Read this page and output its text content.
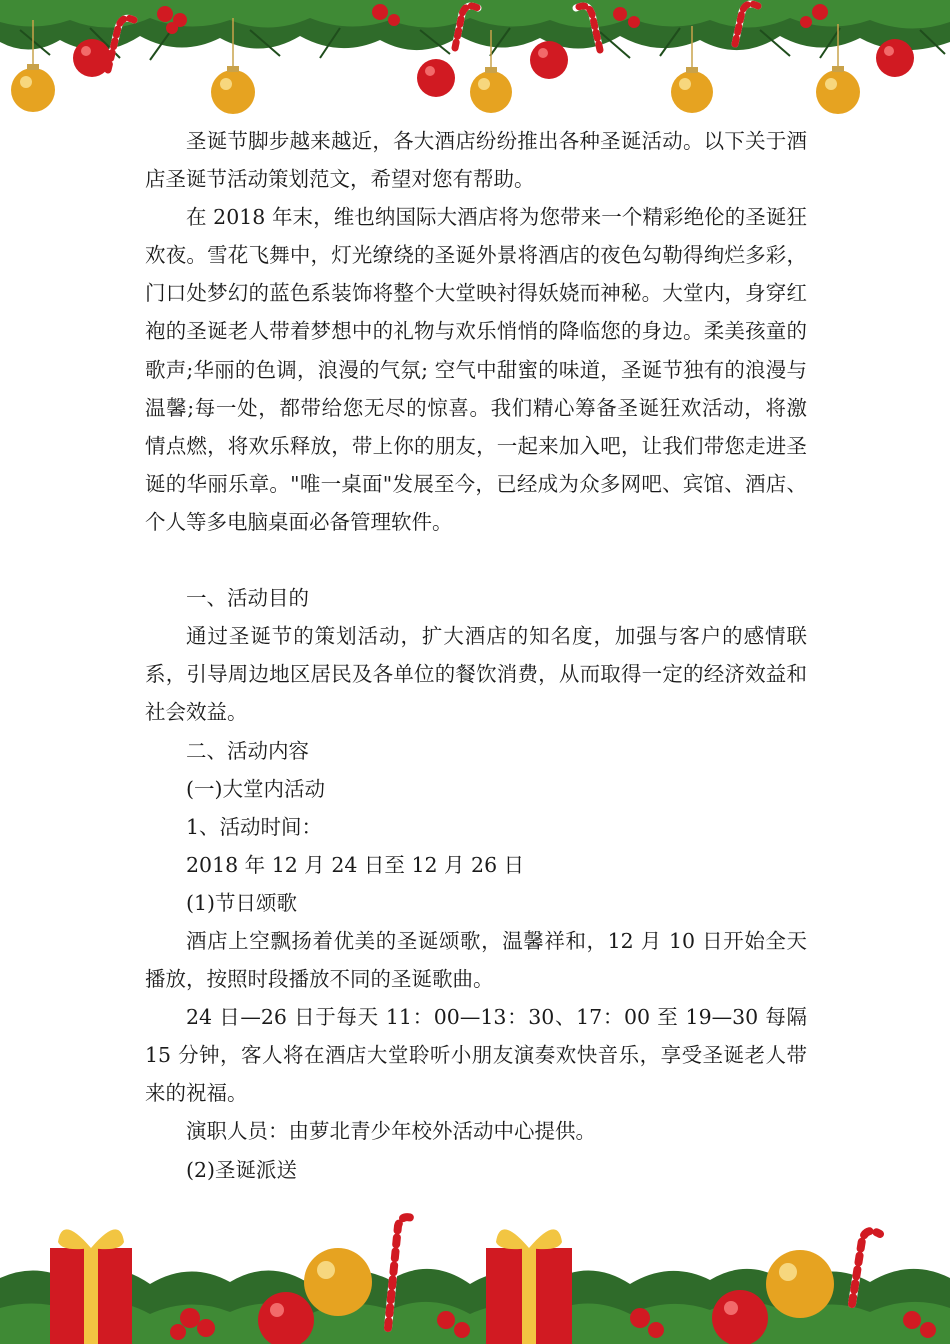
圣诞节脚步越来越近，各大酒店纷纷推出各种圣诞活动。以下关于酒店圣诞节活动策划范文，希望对您有帮助。

在 2018 年末，维也纳国际大酒店将为您带来一个精彩绝伦的圣诞狂欢夜。雪花飞舞中，灯光缭绕的圣诞外景将酒店的夜色勾勒得绚烂多彩，门口处梦幻的蓝色系装饰将整个大堂映衬得妖娆而神秘。大堂内，身穿红袍的圣诞老人带着梦想中的礼物与欢乐悄悄的降临您的身边。柔美孩童的歌声;华丽的色调，浪漫的气氛; 空气中甜蜜的味道，圣诞节独有的浪漫与温馨;每一处，都带给您无尽的惊喜。我们精心筹备圣诞狂欢活动，将激情点燃，将欢乐释放，带上你的朋友，一起来加入吧，让我们带您走进圣诞的华丽乐章。"唯一桌面"发展至今，已经成为众多网吧、宾馆、酒店、个人等多电脑桌面必备管理软件。

一、活动目的

通过圣诞节的策划活动，扩大酒店的知名度，加强与客户的感情联系，引导周边地区居民及各单位的餐饮消费，从而取得一定的经济效益和社会效益。

二、活动内容

(一)大堂内活动

1、活动时间：

2018 年 12 月 24 日至 12 月 26 日

(1)节日颂歌

酒店上空飘扬着优美的圣诞颂歌，温馨祥和，12 月 10 日开始全天播放，按照时段播放不同的圣诞歌曲。

24 日—26 日于每天 11：00—13：30、17：00 至 19—30 每隔 15 分钟，客人将在酒店大堂聆听小朋友演奏欢快音乐，享受圣诞老人带来的祝福。

演职人员：由萝北青少年校外活动中心提供。

(2)圣诞派送
